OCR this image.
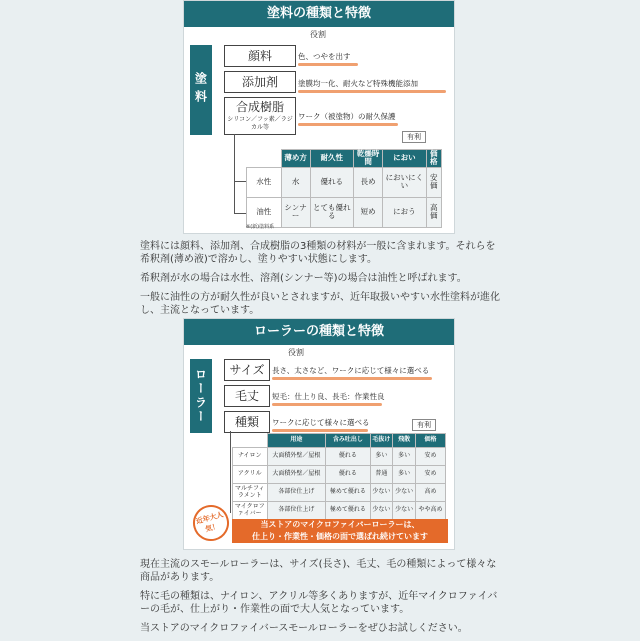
塗料の種類と特徴
塗料
役割
顔料	色、つやを出す
添加剤	塗膜均一化、耐火など特殊機能添加
合成樹脂
シリコン／フッ素／ラジカル等
ワーク（被塗物）の耐久保護
有利
	薄め方	耐久性	乾燥時間	におい	価格
水性	水	優れる	長め	においにくい	安価
油性	シンナー	とても優れる	短め	におう	高価
※(新)塗料系

塗料には顔料、添加剤、合成樹脂の3種類の材料が一般に含まれます。それらを希釈剤(薄め液)で溶かし、塗りやすい状態にします。

希釈剤が水の場合は水性、溶剤(シンナー等)の場合は油性と呼ばれます。

一般に油性の方が耐久性が良いとされますが、近年取扱いやすい水性塗料が進化し、主流となっています。

ローラーの種類と特徴
ローラー
役割
サイズ 長さ、太さなど、ワークに応じて様々に選べる
毛丈	短毛：仕上り良、長毛：作業性良
種類	ワークに応じて様々に選べる	有利
	用途	含み吐出し	毛抜け	飛散	価格
ナイロン	大面積外壁／屋根	優れる	多い	多い	安め
アクリル	大面積外壁／屋根	優れる	普通	多い	安め
マルチフィラメント	各部位仕上げ	極めて優れる	少ない	少ない	高め
マイクロファイバー	各部位仕上げ	極めて優れる	少ない	少ない	やや高め
当ストアのマイクロファイバーローラーは、
仕上り・作業性・価格の面で選ばれ続けています
近年大人気！

現在主流のスモールローラーは、サイズ(長さ)、毛丈、毛の種類によって様々な商品があります。

特に毛の種類は、ナイロン、アクリル等多くありますが、近年マイクロファイバーの毛が、仕上がり・作業性の面で大人気となっています。

当ストアのマイクロファイバースモールローラーをぜひお試しください。
